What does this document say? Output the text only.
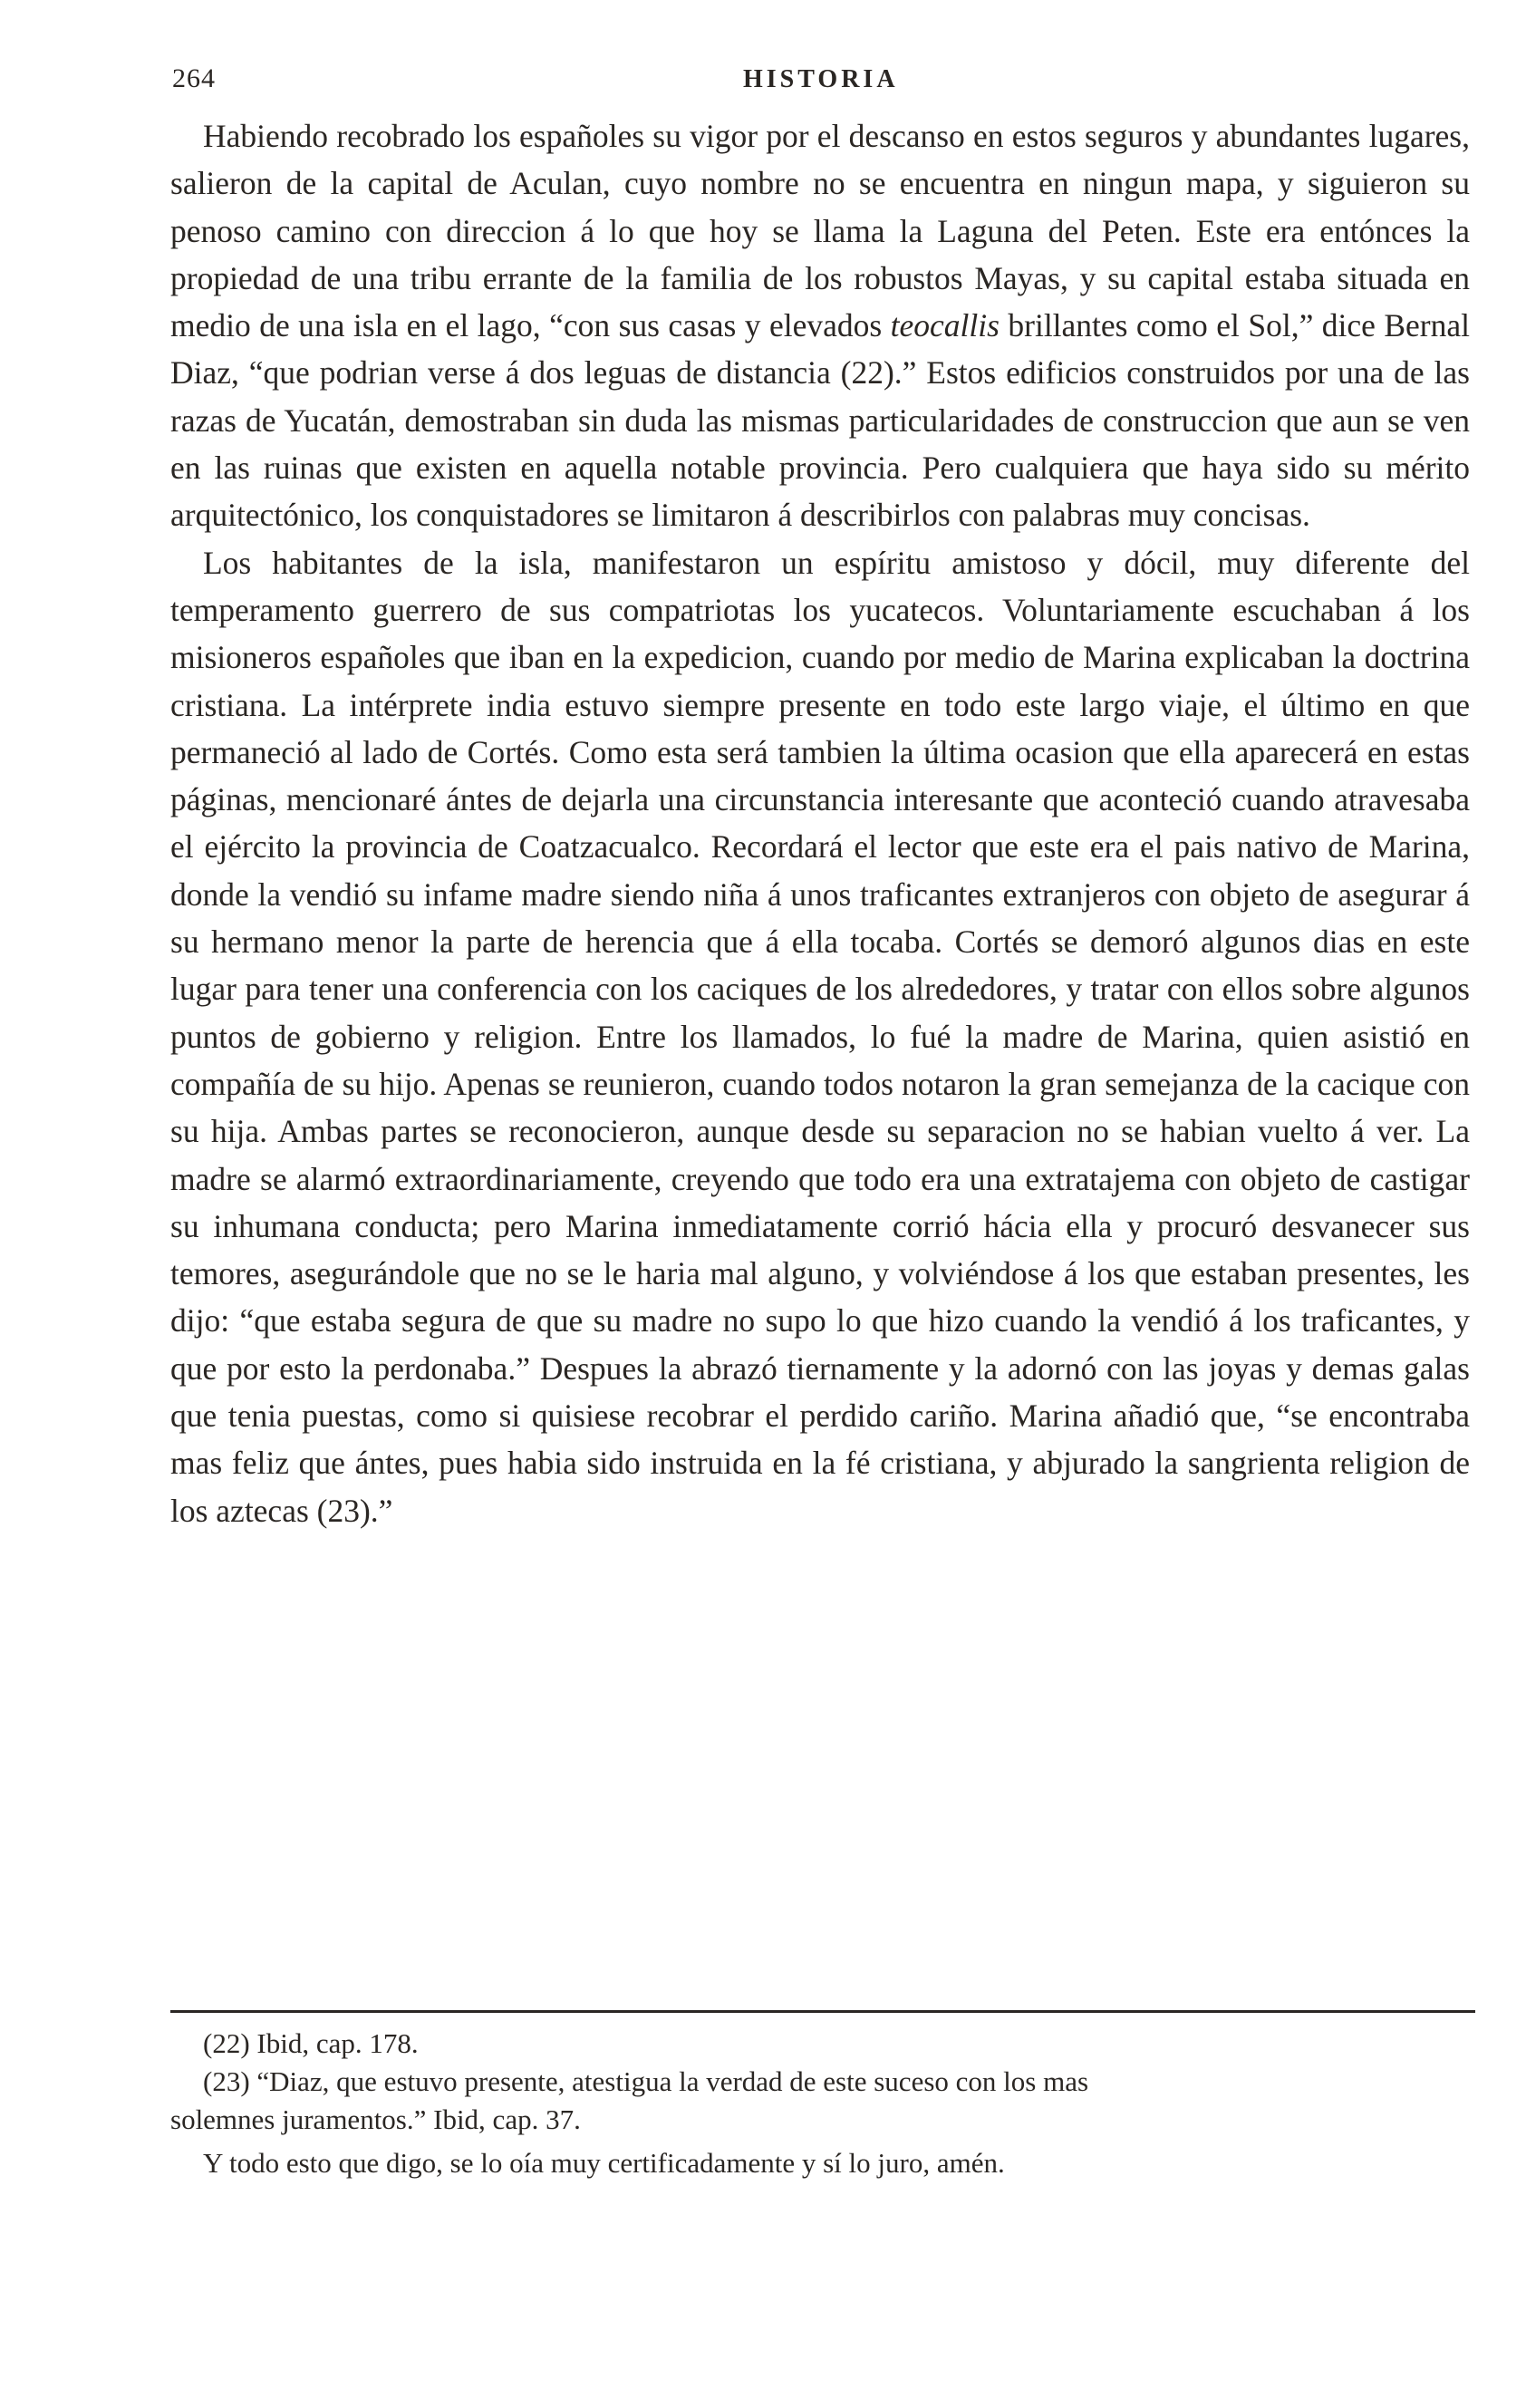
264	HISTORIA

Habiendo recobrado los españoles su vigor por el descanso en estos seguros y abundantes lugares, salieron de la capital de Aculan, cuyo nombre no se encuentra en ningun mapa, y siguieron su penoso camino con direccion á lo que hoy se llama la Laguna del Peten. Este era entónces la propiedad de una tribu errante de la familia de los robustos Mayas, y su capital estaba situada en medio de una isla en el lago, “con sus casas y elevados teocallis brillantes como el Sol,” dice Bernal Diaz, “que podrian verse á dos leguas de distancia (22).” Estos edificios construidos por una de las razas de Yucatán, demostraban sin duda las mismas particularidades de construccion que aun se ven en las ruinas que existen en aquella notable provincia. Pero cualquiera que haya sido su mérito arquitectónico, los conquistadores se limitaron á describirlos con palabras muy concisas.

Los habitantes de la isla, manifestaron un espíritu amistoso y dócil, muy diferente del temperamento guerrero de sus compatriotas los yucatecos. Voluntariamente escuchaban á los misioneros españoles que iban en la expedicion, cuando por medio de Marina explicaban la doctrina cristiana. La intérprete india estuvo siempre presente en todo este largo viaje, el último en que permaneció al lado de Cortés. Como esta será tambien la última ocasion que ella aparecerá en estas páginas, mencionaré ántes de dejarla una circunstancia interesante que aconteció cuando atravesaba el ejército la provincia de Coatzacualco. Recordará el lector que este era el pais nativo de Marina, donde la vendió su infame madre siendo niña á unos traficantes extranjeros con objeto de asegurar á su hermano menor la parte de herencia que á ella tocaba. Cortés se demoró algunos dias en este lugar para tener una conferencia con los caciques de los alrededores, y tratar con ellos sobre algunos puntos de gobierno y religion. Entre los llamados, lo fué la madre de Marina, quien asistió en compañía de su hijo. Apenas se reunieron, cuando todos notaron la gran semejanza de la cacique con su hija. Ambas partes se reconocieron, aunque desde su separacion no se habian vuelto á ver. La madre se alarmó extraordinariamente, creyendo que todo era una extratajema con objeto de castigar su inhumana conducta; pero Marina inmediatamente corrió hácia ella y procuró desvanecer sus temores, asegurándole que no se le haria mal alguno, y volviéndose á los que estaban presentes, les dijo: “que estaba segura de que su madre no supo lo que hizo cuando la vendió á los traficantes, y que por esto la perdonaba.” Despues la abrazó tiernamente y la adornó con las joyas y demas galas que tenia puestas, como si quisiese recobrar el perdido cariño. Marina añadió que, “se encontraba mas feliz que ántes, pues habia sido instruida en la fé cristiana, y abjurado la sangrienta religion de los aztecas (23).”

(22) Ibid, cap. 178.

(23) “Diaz, que estuvo presente, atestigua la verdad de este suceso con los mas

solemnes juramentos.” Ibid, cap. 37.

Y todo esto que digo, se lo oía muy certificadamente y sí lo juro, amén.
